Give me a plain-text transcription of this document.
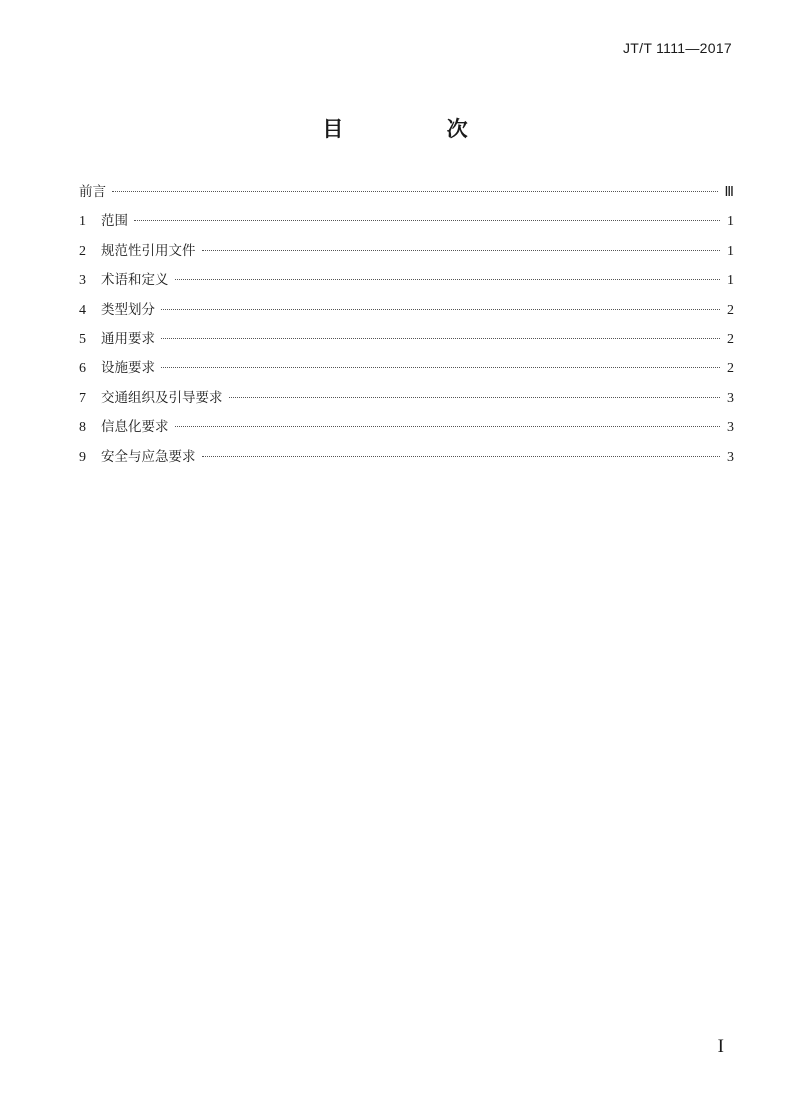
JT/T 1111—2017
目 次
前言	Ⅲ
1	范围	1
2	规范性引用文件	1
3	术语和定义	1
4	类型划分	2
5	通用要求	2
6	设施要求	2
7	交通组织及引导要求	3
8	信息化要求	3
9	安全与应急要求	3
I
